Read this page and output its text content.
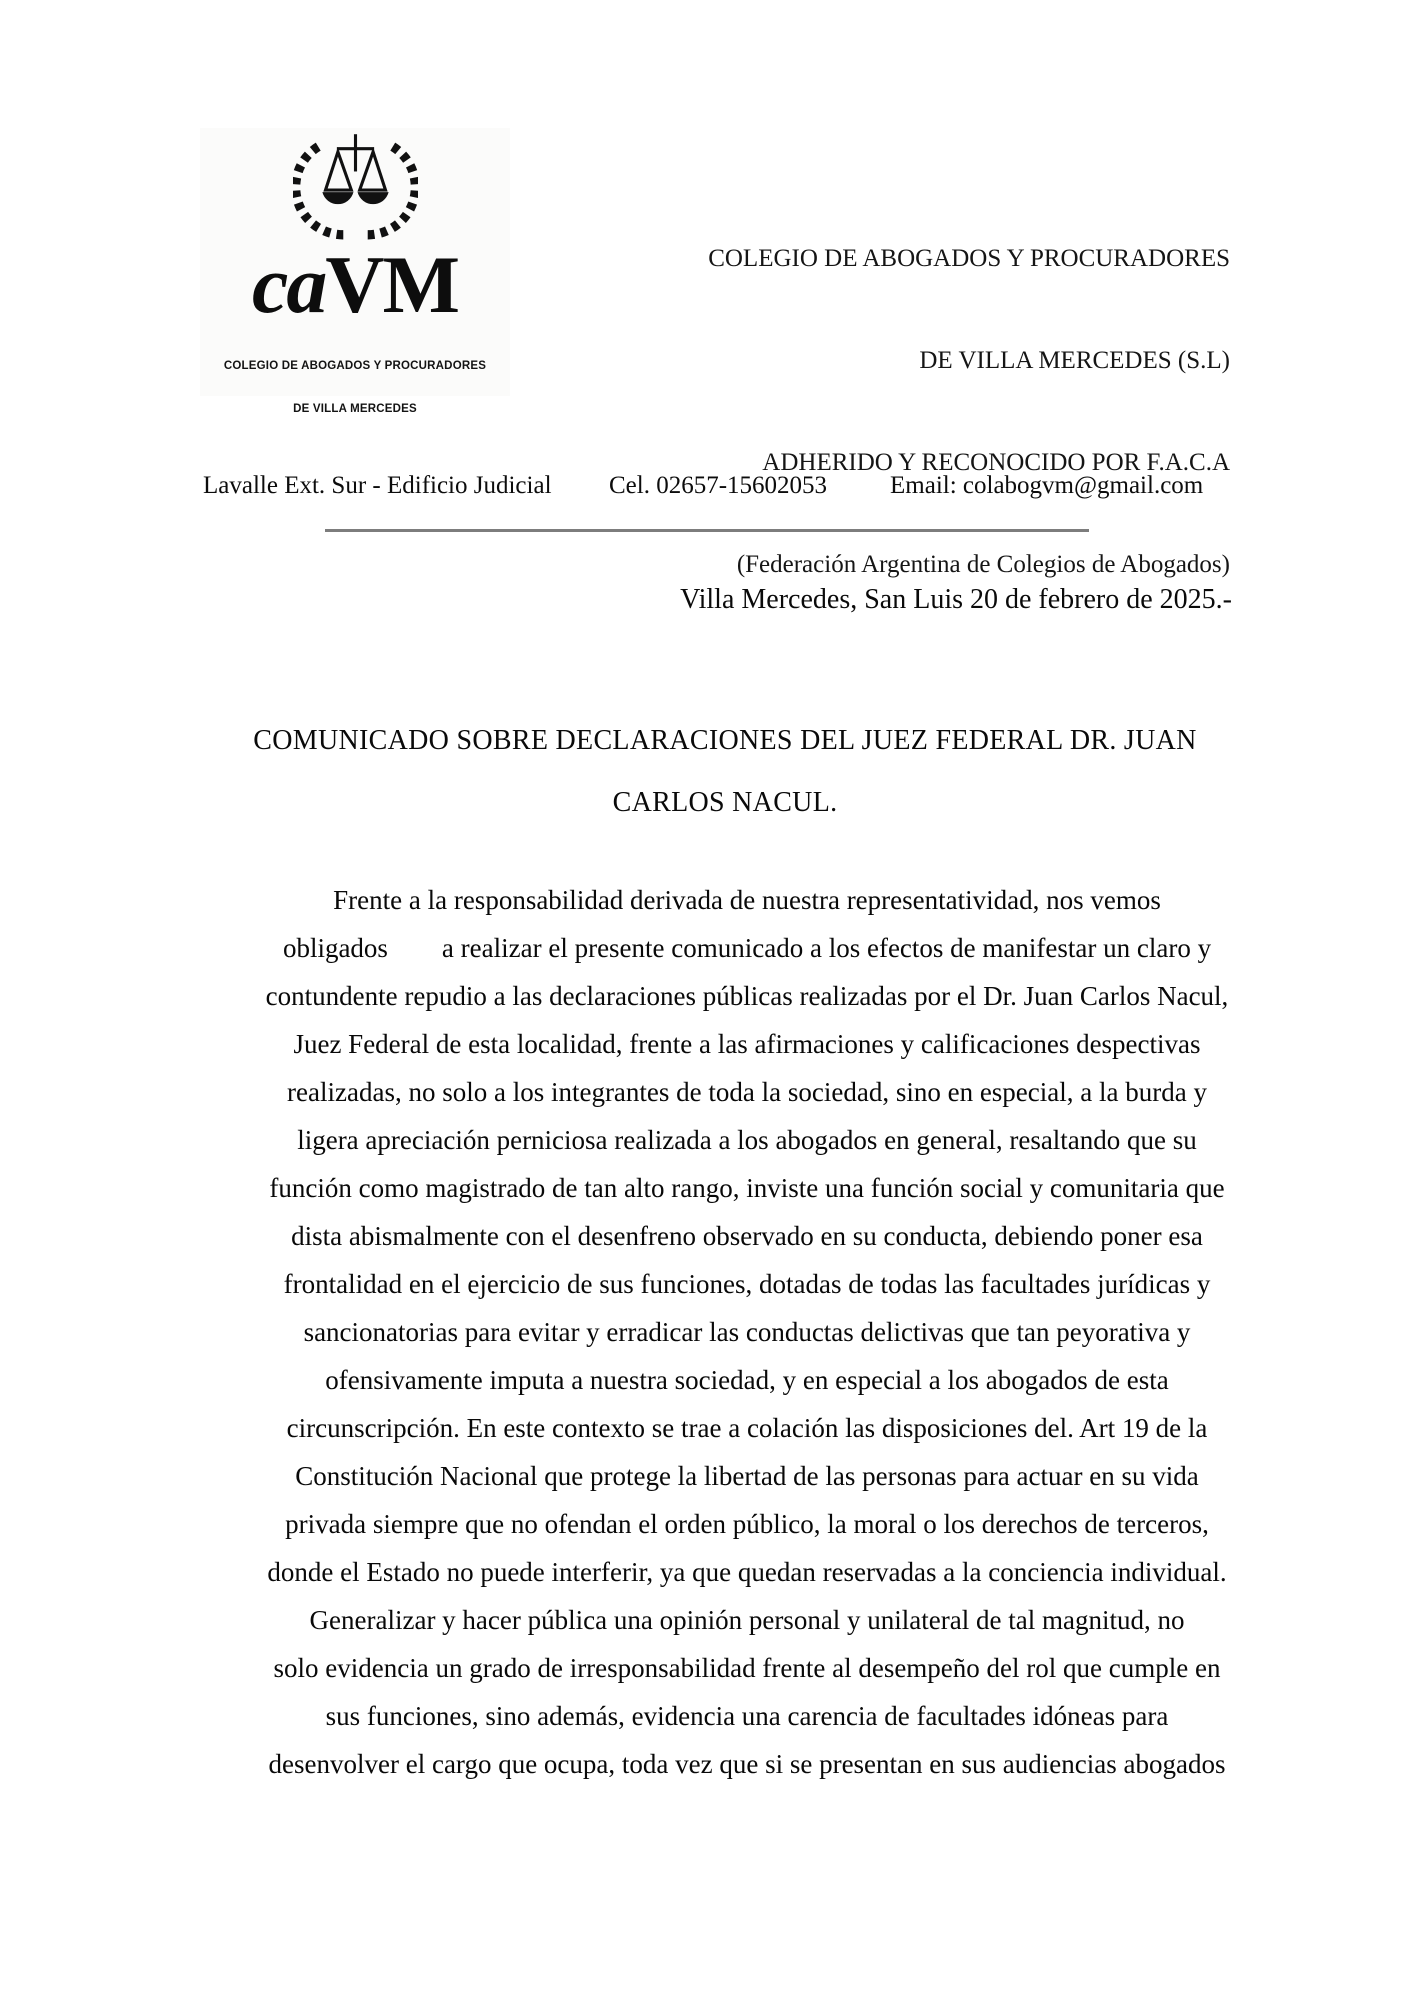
caVM

COLEGIO DE ABOGADOS Y PROCURADORES

DE VILLA MERCEDES

COLEGIO DE ABOGADOS Y PROCURADORES

DE VILLA MERCEDES (S.L)

ADHERIDO Y RECONOCIDO POR F.A.C.A

(Federación Argentina de Colegios de Abogados)

Lavalle Ext. Sur - Edificio Judicial Cel. 02657-15602053	Email: colabogvm@gmail.com
Villa Mercedes, San Luis 20 de febrero de 2025.-
COMUNICADO SOBRE DECLARACIONES DEL JUEZ FEDERAL DR. JUAN
CARLOS NACUL.
Frente a la responsabilidad derivada de nuestra representatividad, nos vemos
obligados        a realizar el presente comunicado a los efectos de manifestar un claro y
contundente repudio a las declaraciones públicas realizadas por el Dr. Juan Carlos Nacul,
Juez Federal de esta localidad, frente a las afirmaciones y calificaciones despectivas
realizadas, no solo a los integrantes de toda la sociedad, sino en especial, a la burda y
ligera apreciación perniciosa realizada a los abogados en general, resaltando que su
función como magistrado de tan alto rango, inviste una función social y comunitaria que
dista abismalmente con el desenfreno observado en su conducta, debiendo poner esa
frontalidad en el ejercicio de sus funciones, dotadas de todas las facultades jurídicas y
sancionatorias para evitar y erradicar las conductas delictivas que tan peyorativa y
ofensivamente imputa a nuestra sociedad, y en especial a los abogados de esta
circunscripción. En este contexto se trae a colación las disposiciones del. Art 19 de la
Constitución Nacional que protege la libertad de las personas para actuar en su vida
privada siempre que no ofendan el orden público, la moral o los derechos de terceros,
donde el Estado no puede interferir, ya que quedan reservadas a la conciencia individual.
Generalizar y hacer pública una opinión personal y unilateral de tal magnitud, no
solo evidencia un grado de irresponsabilidad frente al desempeño del rol que cumple en
sus funciones, sino además, evidencia una carencia de facultades idóneas para
desenvolver el cargo que ocupa, toda vez que si se presentan en sus audiencias abogados
